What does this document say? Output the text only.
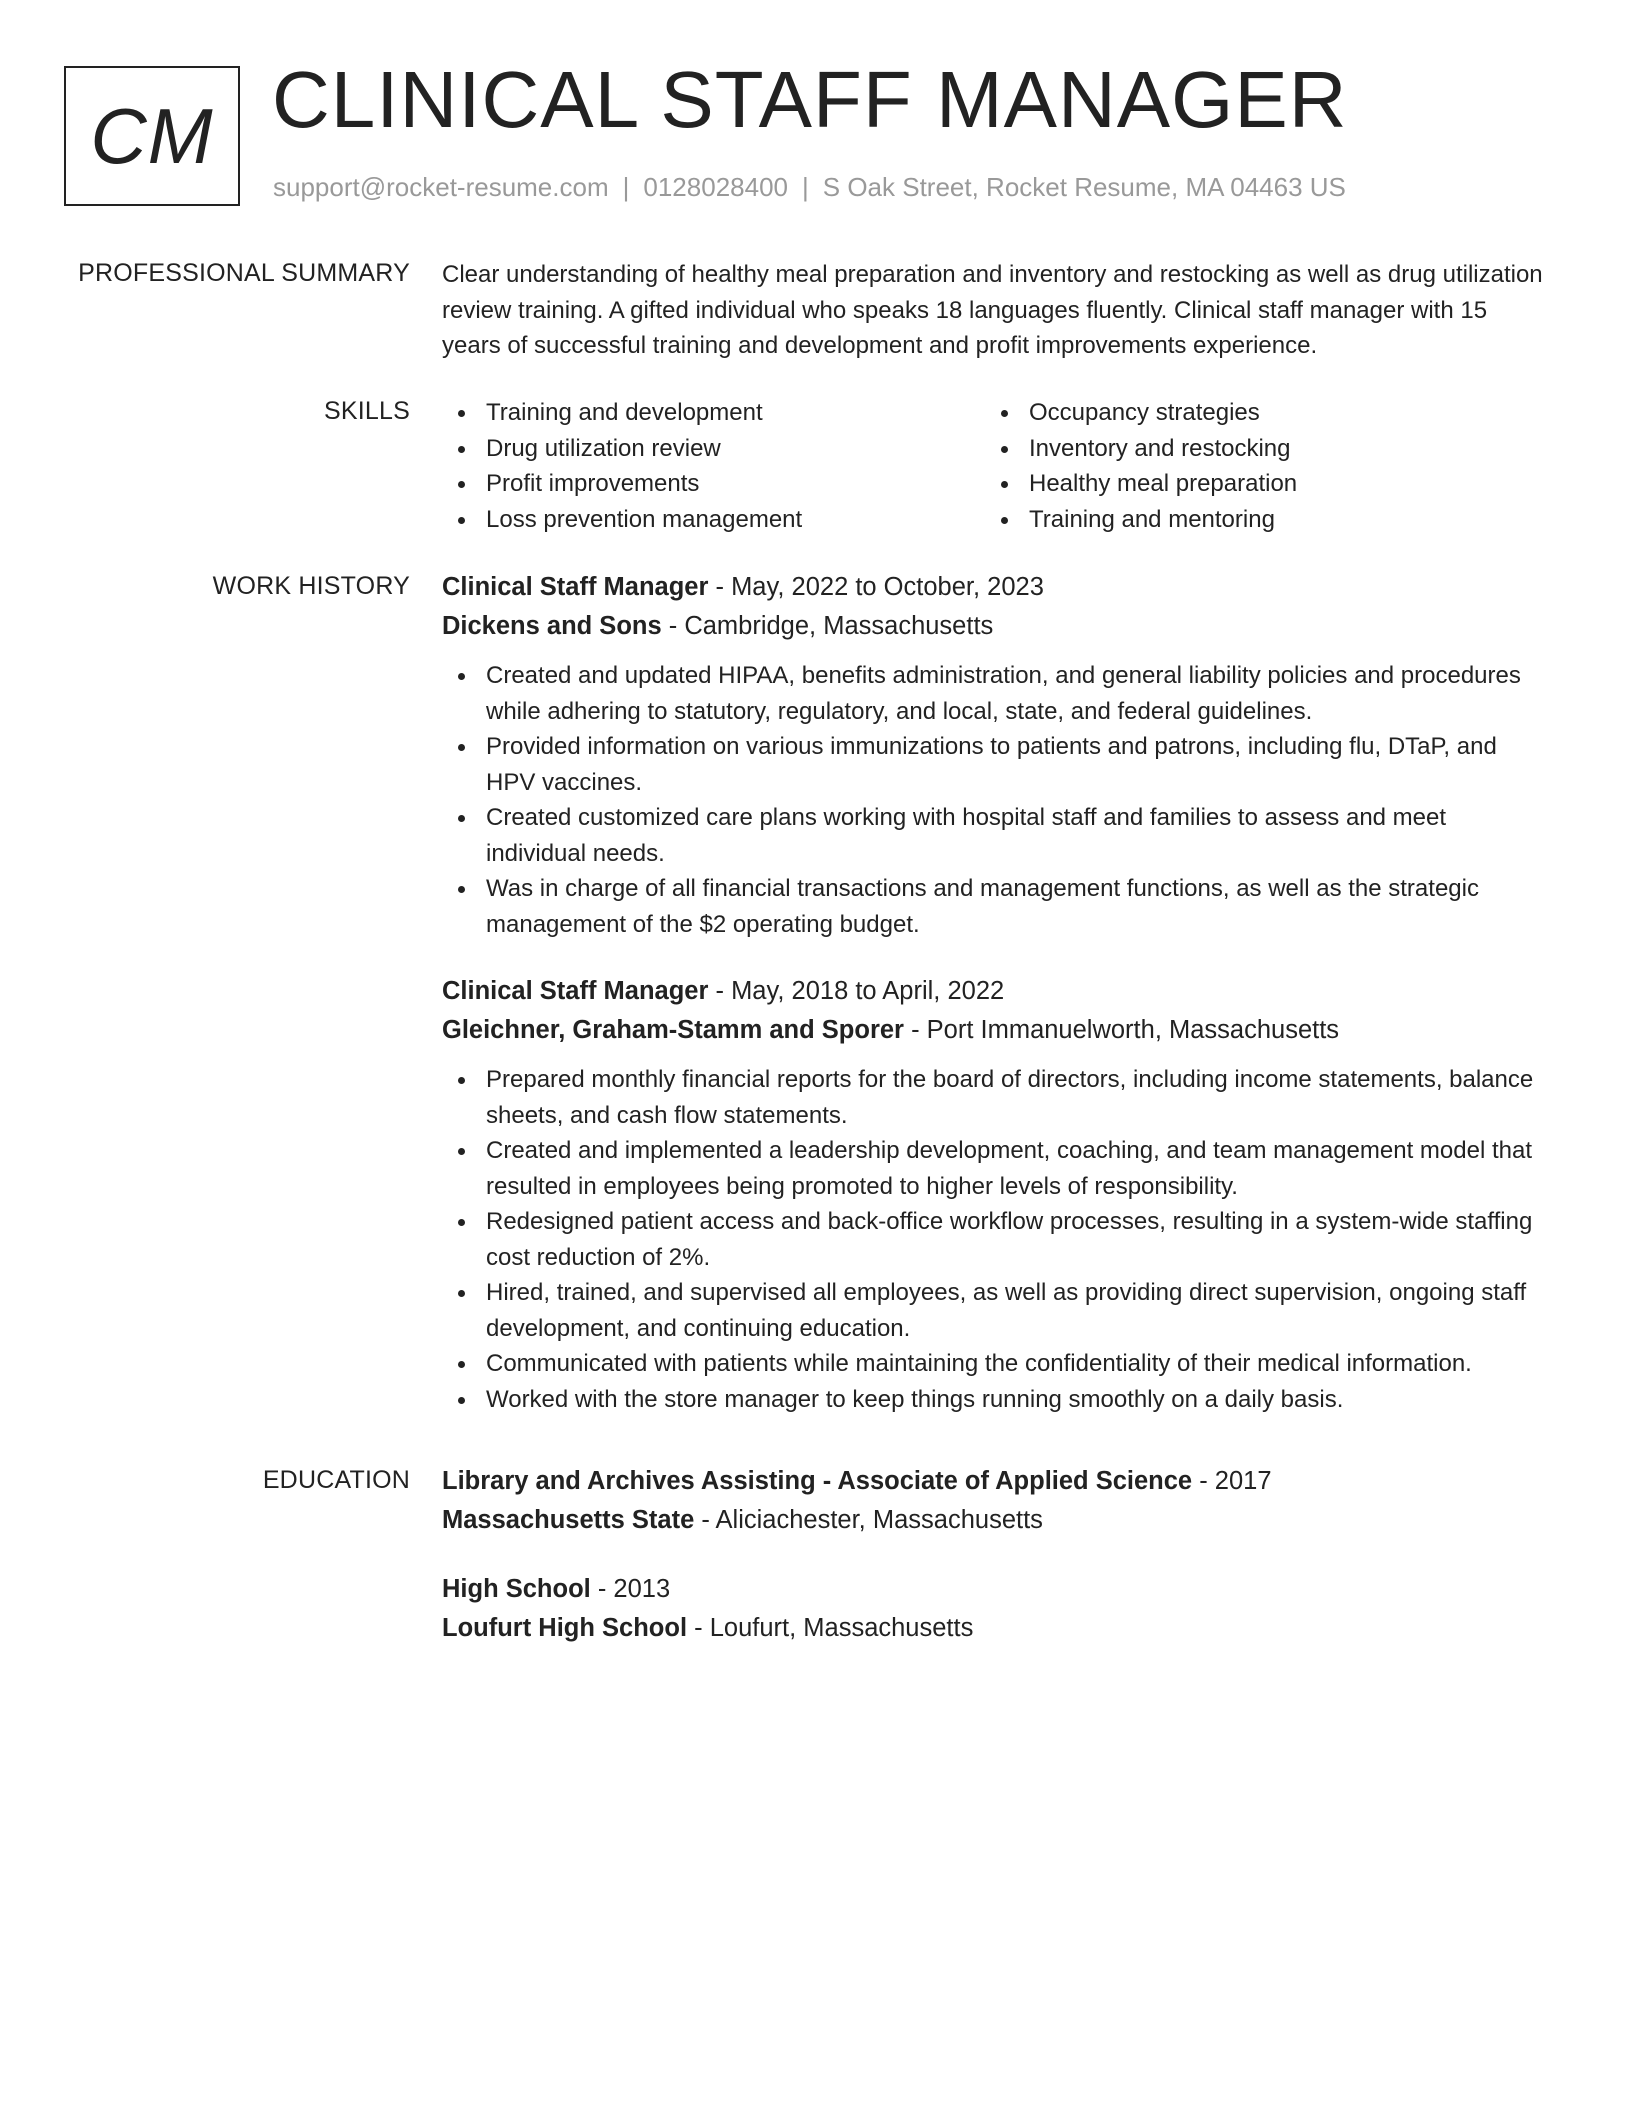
CM CLINICAL STAFF MANAGER
support@rocket-resume.com | 0128028400 | S Oak Street, Rocket Resume, MA 04463 US
PROFESSIONAL SUMMARY Clear understanding of healthy meal preparation and inventory and restocking as well as drug utilization review training. A gifted individual who speaks 18 languages fluently. Clinical staff manager with 15 years of successful training and development and profit improvements experience.

SKILLS	Training and development
Drug utilization review
Profit improvements
Loss prevention management
Occupancy strategies
Inventory and restocking
Healthy meal preparation
Training and mentoring
WORK HISTORY Clinical Staff Manager - May, 2022 to October, 2023
Dickens and Sons - Cambridge, Massachusetts
Created and updated HIPAA, benefits administration, and general liability policies and procedures while adhering to statutory, regulatory, and local, state, and federal guidelines.
Provided information on various immunizations to patients and patrons, including flu, DTaP, and HPV vaccines.
Created customized care plans working with hospital staff and families to assess and meet individual needs.
Was in charge of all financial transactions and management functions, as well as the strategic management of the $2 operating budget.
Clinical Staff Manager - May, 2018 to April, 2022
Gleichner, Graham-Stamm and Sporer - Port Immanuelworth, Massachusetts
Prepared monthly financial reports for the board of directors, including income statements, balance sheets, and cash flow statements.
Created and implemented a leadership development, coaching, and team management model that resulted in employees being promoted to higher levels of responsibility.
Redesigned patient access and back-office workflow processes, resulting in a system-wide staffing cost reduction of 2%.
Hired, trained, and supervised all employees, as well as providing direct supervision, ongoing staff development, and continuing education.
Communicated with patients while maintaining the confidentiality of their medical information.
Worked with the store manager to keep things running smoothly on a daily basis.
EDUCATION Library and Archives Assisting - Associate of Applied Science - 2017
Massachusetts State - Aliciachester, Massachusetts
High School - 2013
Loufurt High School - Loufurt, Massachusetts
